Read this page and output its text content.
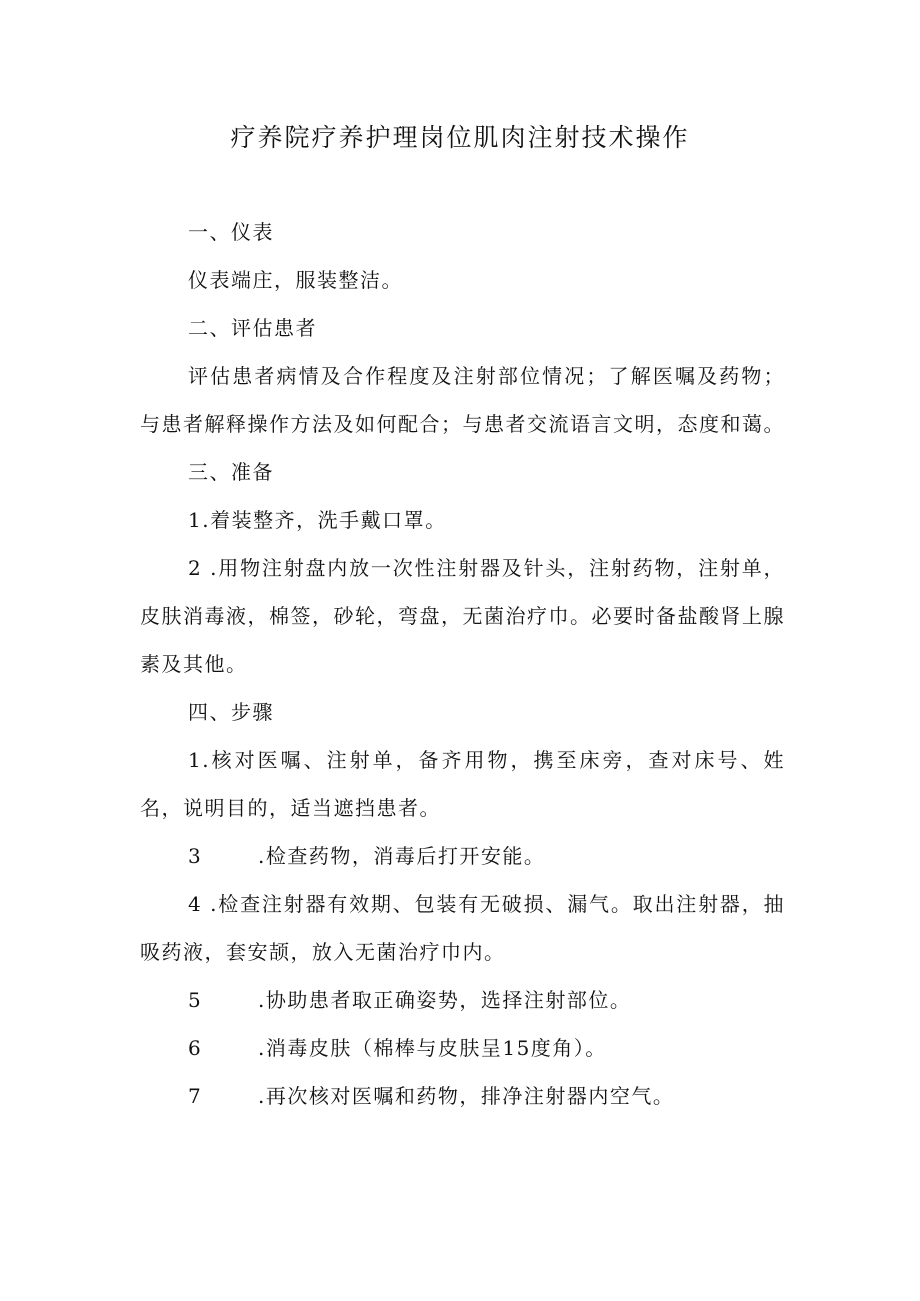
疗养院疗养护理岗位肌肉注射技术操作

一、仪表

仪表端庄，服装整洁。

二、评估患者

评估患者病情及合作程度及注射部位情况；了解医嘱及药物；与患者解释操作方法及如何配合；与患者交流语言文明，态度和蔼。

三、准备

1.着装整齐，洗手戴口罩。

2 .用物注射盘内放一次性注射器及针头，注射药物，注射单，皮肤消毒液，棉签，砂轮，弯盘，无菌治疗巾。必要时备盐酸肾上腺素及其他。

四、步骤

1.核对医嘱、注射单，备齐用物，携至床旁，查对床号、姓名，说明目的，适当遮挡患者。

3	.检查药物，消毒后打开安能。

4 .检查注射器有效期、包装有无破损、漏气。取出注射器，抽吸药液，套安颉，放入无菌治疗巾内。

5	.协助患者取正确姿势，选择注射部位。

6	.消毒皮肤（棉棒与皮肤呈15度角）。

7	.再次核对医嘱和药物，排净注射器内空气。
